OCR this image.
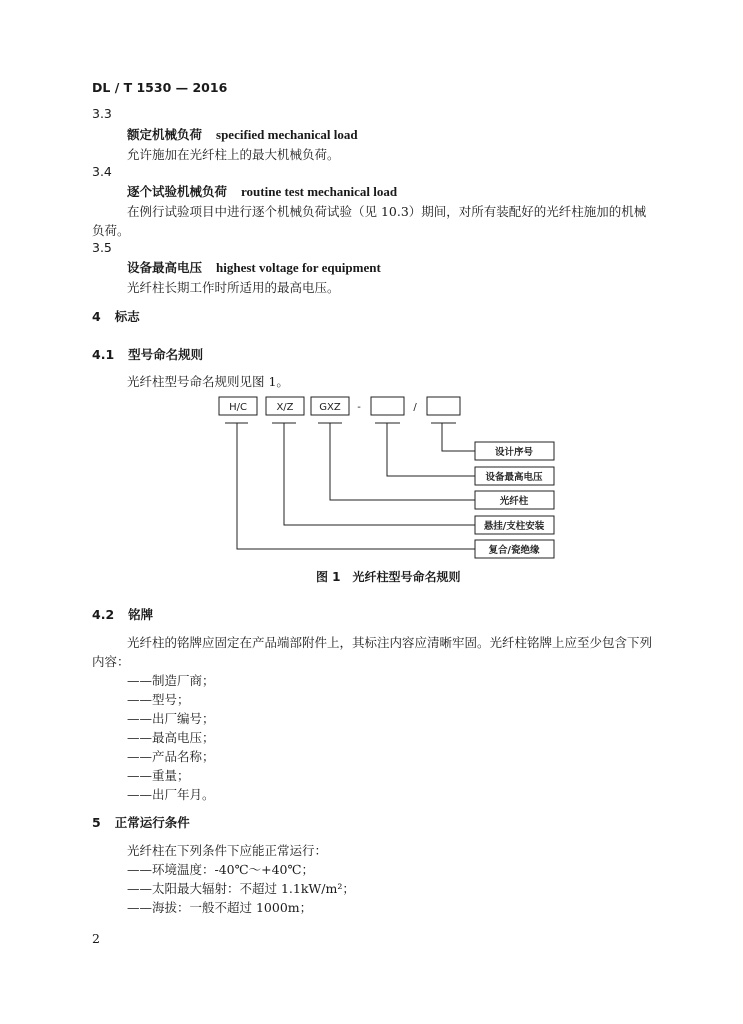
DL / T 1530 — 2016
3.3
额定机械负荷 specified mechanical load
允许施加在光纤柱上的最大机械负荷。
3.4
逐个试验机械负荷 routine test mechanical load
在例行试验项目中进行逐个机械负荷试验（见 10.3）期间，对所有装配好的光纤柱施加的机械
负荷。
3.5
设备最高电压 highest voltage for equipment
光纤柱长期工作时所适用的最高电压。
4 标志
4.1 型号命名规则
光纤柱型号命名规则见图 1。
H/C	X/Z	GXZ -	/
设计序号
设备最高电压
光纤柱
悬挂/支柱安装
复合/瓷绝缘
图 1 光纤柱型号命名规则
4.2 铭牌
光纤柱的铭牌应固定在产品端部附件上，其标注内容应清晰牢固。光纤柱铭牌上应至少包含下列
内容：
——制造厂商；
——型号；
——出厂编号；
——最高电压；
——产品名称；
——重量；
——出厂年月。
5 正常运行条件
光纤柱在下列条件下应能正常运行：
——环境温度：-40℃～+40℃；
——太阳最大辐射：不超过 1.1kW/m²；
——海拔：一般不超过 1000m；
2
